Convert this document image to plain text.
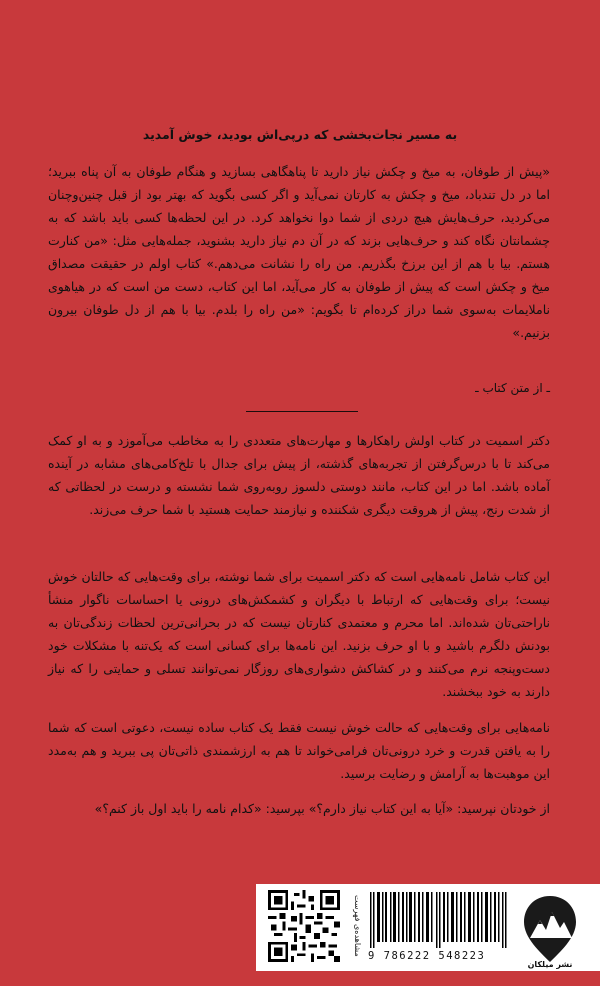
به مسیر نجات‌بخشی که درپی‌اش بودید، خوش آمدید
«پیش از طوفان، به میخ و چکش نیاز دارید تا پناهگاهی بسازید و هنگام طوفان به آن پناه ببرید؛ اما در دل تندباد، میخ و چکش به کارتان نمی‌آید و اگر کسی بگوید که بهتر بود از قبل چنین‌وچنان می‌کردید، حرف‌هایش هیچ دردی از شما دوا نخواهد کرد. در این لحظه‌ها کسی باید باشد که به چشمانتان نگاه کند و حرف‌هایی بزند که در آن دم نیاز دارید بشنوید، جمله‌هایی مثل: «من کنارت هستم. بیا با هم از این برزخ بگذریم. من راه را نشانت می‌دهم.» کتاب اولم در حقیقت مصداق میخ و چکش است که پیش از طوفان به کار می‌آید، اما این کتاب، دست من است که در هیاهوی ناملایمات به‌سوی شما دراز کرده‌ام تا بگویم: «من راه را بلدم. بیا با هم از دل طوفان بیرون بزنیم.»
ـ از متن کتاب ـ
دکتر اسمیت در کتاب اولش راهکارها و مهارت‌های متعددی را به مخاطب می‌آموزد و به او کمک می‌کند تا با درس‌گرفتن از تجربه‌های گذشته، از پیش برای جدال با تلخ‌کامی‌های مشابه در آینده آماده باشد. اما در این کتاب، مانند دوستی دلسوز روبه‌روی شما نشسته و درست در لحظاتی که از شدت رنج، پیش از هروقت دیگری شکننده و نیازمند حمایت هستید با شما حرف می‌زند.
این کتاب شامل نامه‌هایی است که دکتر اسمیت برای شما نوشته، برای وقت‌هایی که حالتان خوش نیست؛ برای وقت‌هایی که ارتباط با دیگران و کشمکش‌های درونی یا احساسات ناگوار منشأ ناراحتی‌تان شده‌اند. اما محرم و معتمدی کنارتان نیست که در بحرانی‌ترین لحظات زندگی‌تان به بودنش دلگرم باشید و با او حرف بزنید. این نامه‌ها برای کسانی است که یک‌تنه با مشکلات خود دست‌وپنجه نرم می‌کنند و در کشاکش دشواری‌های روزگار نمی‌توانند تسلی و حمایتی را که نیاز دارند به خود ببخشند.
نامه‌هایی برای وقت‌هایی که حالت خوش نیست فقط یک کتاب ساده نیست، دعوتی است که شما را به یافتن قدرت و خرد درونی‌تان فرامی‌خواند تا هم به ارزشمندی ذاتی‌تان پی ببرید و هم به‌مدد این موهبت‌ها به آرامش و رضایت برسید.
از خودتان نپرسید: «آیا به این کتاب نیاز دارم؟» بپرسید: «کدام نامه را باید اول باز کنم؟»
مشاهده‌ی فهرست 9 786222 548223
نشر میلکان
